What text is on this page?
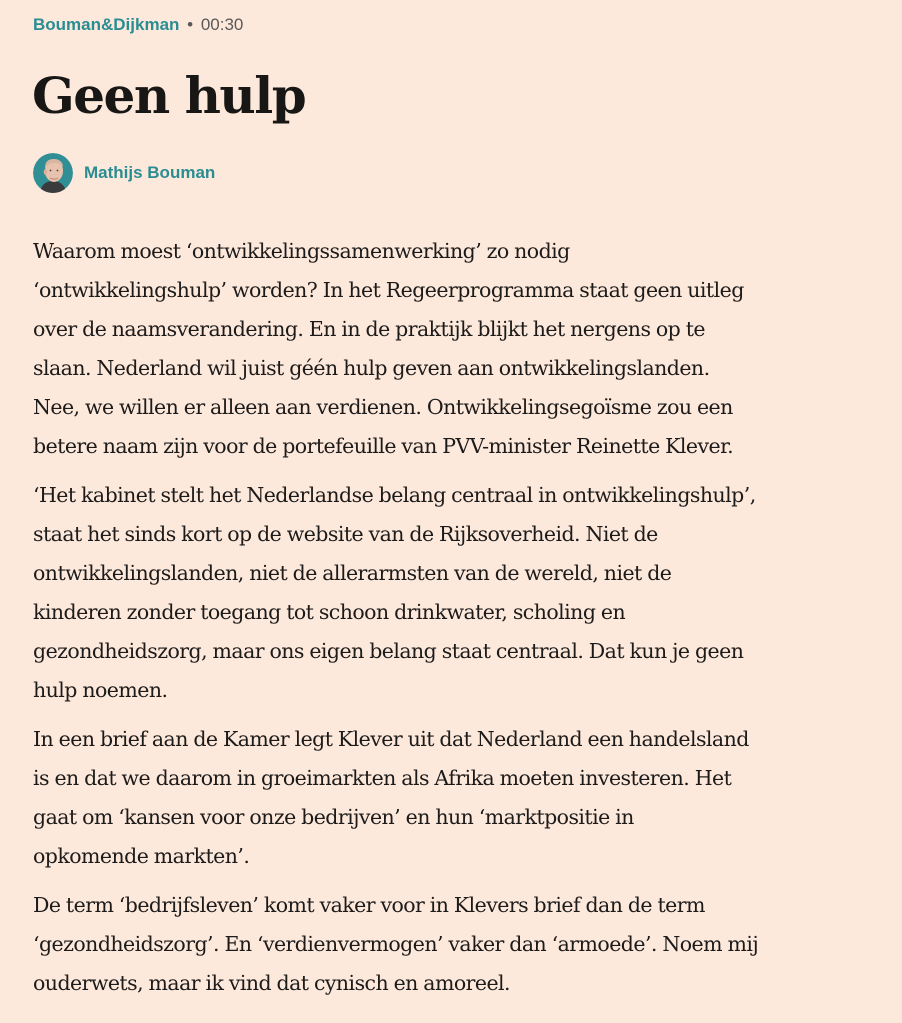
Bouman&Dijkman • 00:30
Geen hulp
Mathijs Bouman

Waarom moest ‘ontwikkelingssamenwerking’ zo nodig
‘ontwikkelingshulp’ worden? In het Regeerprogramma staat geen uitleg
over de naamsverandering. En in de praktijk blijkt het nergens op te
slaan. Nederland wil juist géén hulp geven aan ontwikkelingslanden.
Nee, we willen er alleen aan verdienen. Ontwikkelingsegoïsme zou een
betere naam zijn voor de portefeuille van PVV-minister Reinette Klever.

‘Het kabinet stelt het Nederlandse belang centraal in ontwikkelingshulp’,
staat het sinds kort op de website van de Rijksoverheid. Niet de
ontwikkelingslanden, niet de allerarmsten van de wereld, niet de
kinderen zonder toegang tot schoon drinkwater, scholing en
gezondheidszorg, maar ons eigen belang staat centraal. Dat kun je geen
hulp noemen.

In een brief aan de Kamer legt Klever uit dat Nederland een handelsland
is en dat we daarom in groeimarkten als Afrika moeten investeren. Het
gaat om ‘kansen voor onze bedrijven’ en hun ‘marktpositie in
opkomende markten’.

De term ‘bedrijfsleven’ komt vaker voor in Klevers brief dan de term
‘gezondheidszorg’. En ‘verdienvermogen’ vaker dan ‘armoede’. Noem mij
ouderwets, maar ik vind dat cynisch en amoreel.
